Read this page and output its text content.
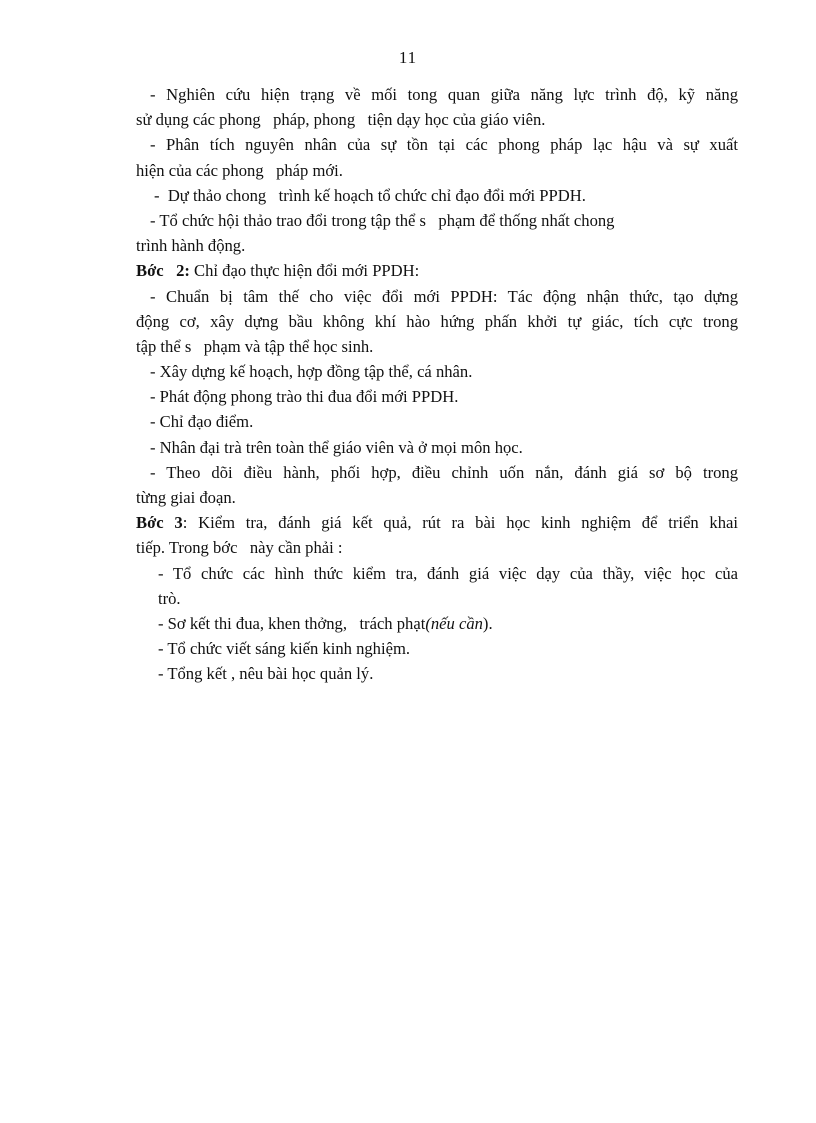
11
- Nghiên cứu hiện trạng về mối tong quan giữa năng lực trình độ, kỹ năng
sử dụng các phong   pháp, phong   tiện dạy học của giáo viên.
- Phân tích nguyên nhân của sự tồn tại các phong pháp lạc hậu và sự xuất
hiện của các phong   pháp mới.
-  Dự thảo chong   trình kế hoạch tổ chức chỉ đạo đổi mới PPDH.
- Tổ chức hội thảo trao đổi trong tập thể s   phạm để thống nhất chong
trình hành động.
Bớc   2: Chỉ đạo thực hiện đổi mới PPDH:
- Chuẩn bị tâm thế cho việc đổi mới PPDH: Tác động nhận thức, tạo dựng
động cơ, xây dựng bầu không khí hào hứng phấn khởi tự giác, tích cực trong
tập thể s   phạm và tập thể học sinh.
- Xây dựng kế hoạch, hợp đồng tập thể, cá nhân.
- Phát động phong trào thi đua đổi mới PPDH.
- Chỉ đạo điểm.
- Nhân đại trà trên toàn thể giáo viên và ở mọi môn học.
- Theo dõi điều hành, phối hợp, điều chỉnh uốn nắn, đánh giá sơ bộ trong
từng giai đoạn.
Bớc 3: Kiểm tra, đánh giá kết quả, rút ra bài học kinh nghiệm để triển khai
tiếp. Trong bớc   này cần phải :
- Tổ chức các hình thức kiểm tra, đánh giá việc dạy của thầy, việc học của
trò.
- Sơ kết thi đua, khen thởng,   trách phạt(nếu cần).
- Tổ chức viết sáng kiến kinh nghiệm.
- Tổng kết , nêu bài học quản lý.
